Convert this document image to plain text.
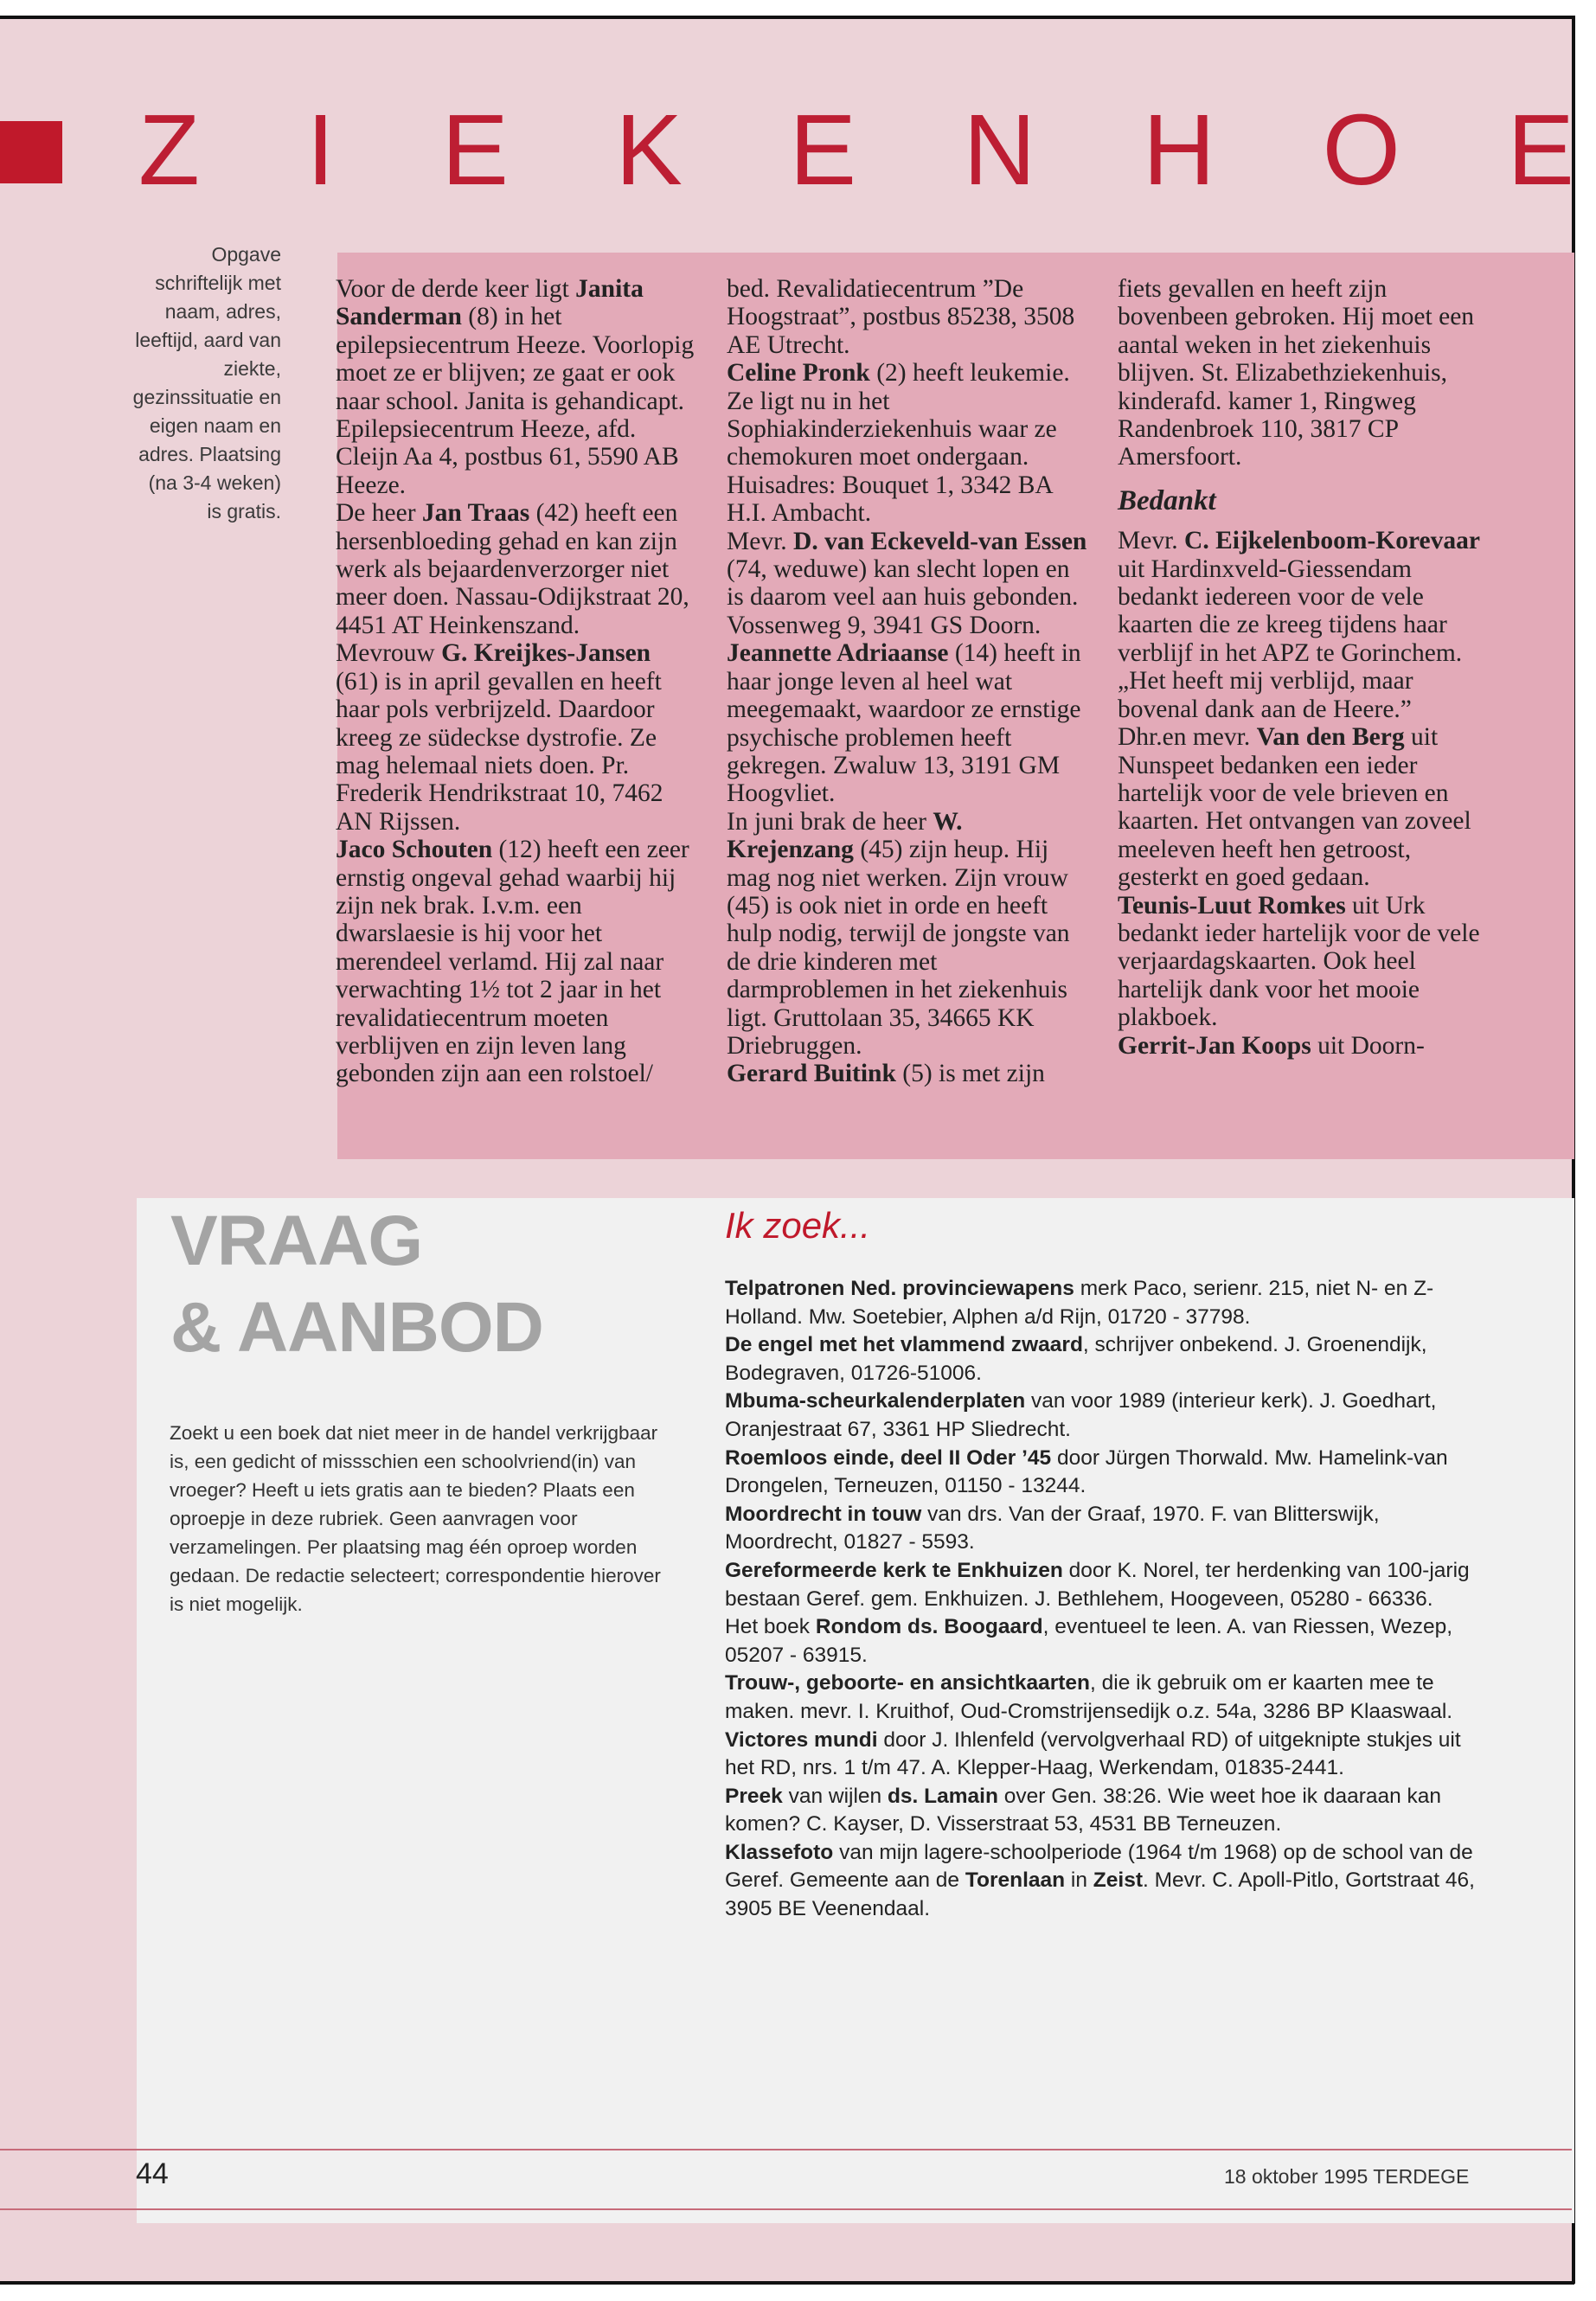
Z I E K E N H O E
Opgave schriftelijk met naam, adres, leeftijd, aard van ziekte, gezinssituatie en eigen naam en adres. Plaatsing (na 3-4 weken) is gratis.

Voor de derde keer ligt Janita Sanderman (8) in het epilepsiecentrum Heeze. Voorlopig moet ze er blijven; ze gaat er ook naar school. Janita is gehandicapt. Epilepsiecentrum Heeze, afd. Cleijn Aa 4, postbus 61, 5590 AB Heeze.

De heer Jan Traas (42) heeft een hersenbloeding gehad en kan zijn werk als bejaardenverzorger niet meer doen. Nassau-Odijkstraat 20, 4451 AT Heinkenszand.

Mevrouw G. Kreijkes-Jansen (61) is in april gevallen en heeft haar pols verbrijzeld. Daardoor kreeg ze südeckse dystrofie. Ze mag helemaal niets doen. Pr. Frederik Hendrikstraat 10, 7462 AN Rijssen.

Jaco Schouten (12) heeft een zeer ernstig ongeval gehad waarbij hij zijn nek brak. I.v.m. een dwarslaesie is hij voor het merendeel verlamd. Hij zal naar verwachting 1½ tot 2 jaar in het revalidatiecentrum moeten verblijven en zijn leven lang gebonden zijn aan een rolstoel/

bed. Revalidatiecentrum ”De Hoogstraat”, postbus 85238, 3508 AE Utrecht.

Celine Pronk (2) heeft leukemie. Ze ligt nu in het Sophiakinderziekenhuis waar ze chemokuren moet ondergaan. Huisadres: Bouquet 1, 3342 BA H.I. Ambacht.

Mevr. D. van Eckeveld-van Essen (74, weduwe) kan slecht lopen en is daarom veel aan huis gebonden. Vossenweg 9, 3941 GS Doorn.

Jeannette Adriaanse (14) heeft in haar jonge leven al heel wat meegemaakt, waardoor ze ernstige psychische problemen heeft gekregen. Zwaluw 13, 3191 GM Hoogvliet.

In juni brak de heer W. Krejenzang (45) zijn heup. Hij mag nog niet werken. Zijn vrouw (45) is ook niet in orde en heeft hulp nodig, terwijl de jongste van de drie kinderen met darmproblemen in het ziekenhuis ligt. Gruttolaan 35, 34665 KK Driebruggen.

Gerard Buitink (5) is met zijn

fiets gevallen en heeft zijn bovenbeen gebroken. Hij moet een aantal weken in het ziekenhuis blijven. St. Elizabethziekenhuis, kinderafd. kamer 1, Ringweg Randenbroek 110, 3817 CP Amersfoort.

Bedankt

Mevr. C. Eijkelenboom-Korevaar uit Hardinxveld-Giessendam bedankt iedereen voor de vele kaarten die ze kreeg tijdens haar verblijf in het APZ te Gorinchem. „Het heeft mij verblijd, maar bovenal dank aan de Heere.”

Dhr.en mevr. Van den Berg uit Nunspeet bedanken een ieder hartelijk voor de vele brieven en kaarten. Het ontvangen van zoveel meeleven heeft hen getroost, gesterkt en goed gedaan.

Teunis-Luut Romkes uit Urk bedankt ieder hartelijk voor de vele verjaardagskaarten. Ook heel hartelijk dank voor het mooie plakboek.

Gerrit-Jan Koops uit Doorn-

VRAAG
& AANBOD
Zoekt u een boek dat niet meer in de handel verkrijgbaar is, een gedicht of missschien een schoolvriend(in) van vroeger? Heeft u iets gratis aan te bieden? Plaats een oproepje in deze rubriek. Geen aanvragen voor verzamelingen. Per plaatsing mag één oproep worden gedaan. De redactie selecteert; correspondentie hierover is niet mogelijk.
Ik zoek...

Telpatronen Ned. provinciewapens merk Paco, serienr. 215, niet N- en Z-Holland. Mw. Soetebier, Alphen a/d Rijn, 01720 - 37798.

De engel met het vlammend zwaard, schrijver onbekend. J. Groenendijk, Bodegraven, 01726-51006.

Mbuma-scheurkalenderplaten van voor 1989 (interieur kerk). J. Goedhart, Oranjestraat 67, 3361 HP Sliedrecht.

Roemloos einde, deel II Oder ’45 door Jürgen Thorwald. Mw. Hamelink-van Drongelen, Terneuzen, 01150 - 13244.

Moordrecht in touw van drs. Van der Graaf, 1970. F. van Blitterswijk, Moordrecht, 01827 - 5593.

Gereformeerde kerk te Enkhuizen door K. Norel, ter herdenking van 100-jarig bestaan Geref. gem. Enkhuizen. J. Bethlehem, Hoogeveen, 05280 - 66336.

Het boek Rondom ds. Boogaard, eventueel te leen. A. van Riessen, Wezep, 05207 - 63915.

Trouw-, geboorte- en ansichtkaarten, die ik gebruik om er kaarten mee te maken. mevr. I. Kruithof, Oud-Cromstrijensedijk o.z. 54a, 3286 BP Klaaswaal.

Victores mundi door J. Ihlenfeld (vervolgverhaal RD) of uitgeknipte stukjes uit het RD, nrs. 1 t/m 47. A. Klepper-Haag, Werkendam, 01835-2441.

Preek van wijlen ds. Lamain over Gen. 38:26. Wie weet hoe ik daaraan kan komen? C. Kayser, D. Visserstraat 53, 4531 BB Terneuzen.

Klassefoto van mijn lagere-schoolperiode (1964 t/m 1968) op de school van de Geref. Gemeente aan de Torenlaan in Zeist. Mevr. C. Apoll-Pitlo, Gortstraat 46, 3905 BE Veenendaal.

44	18 oktober 1995 TERDEGE
